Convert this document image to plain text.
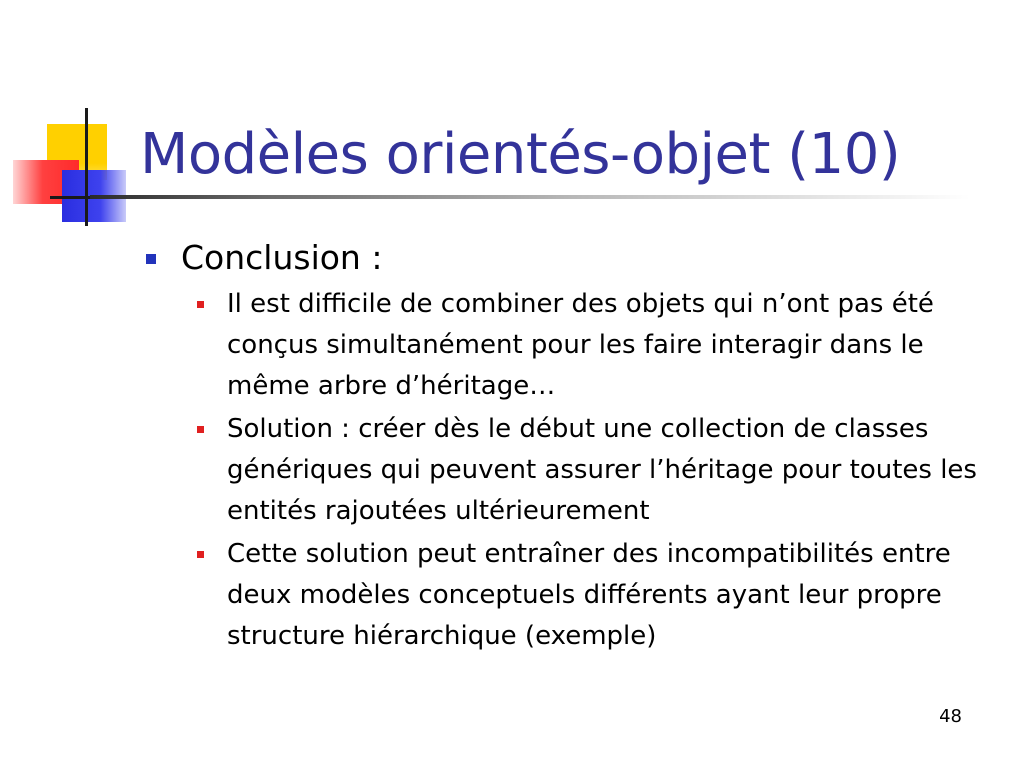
Modèles orientés-objet (10)
Conclusion :
Il est difficile de combiner des objets qui n’ont pas été conçus simultanément pour les faire interagir dans le même arbre d’héritage…
Solution : créer dès le début une collection de classes génériques qui peuvent assurer l’héritage pour toutes les entités rajoutées ultérieurement
Cette solution peut entraîner des incompatibilités entre deux modèles conceptuels différents ayant leur propre structure hiérarchique (exemple)
48
